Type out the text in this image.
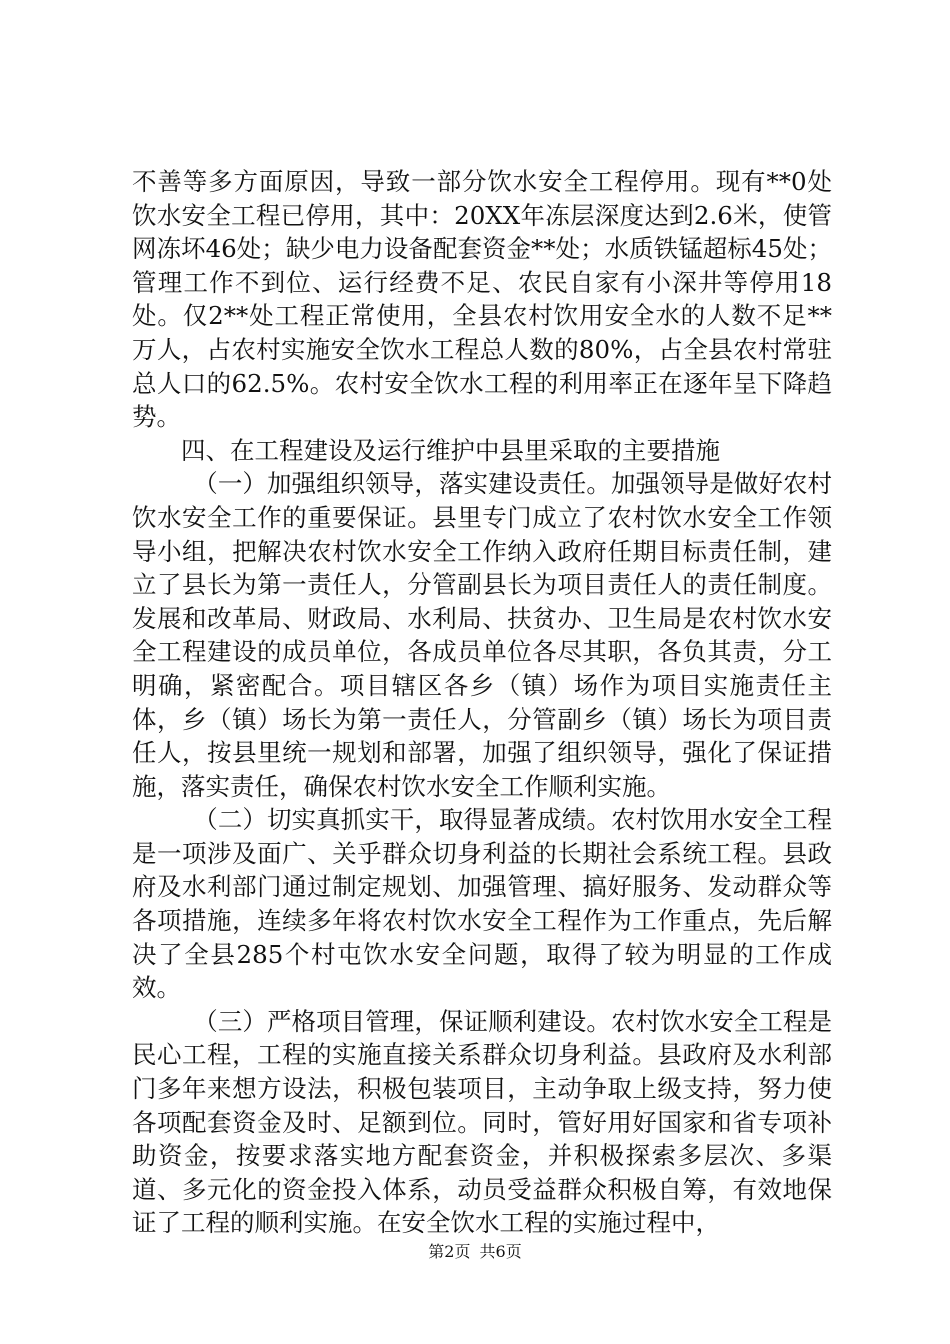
不善等多方面原因，导致一部分饮水安全工程停用。现有**0处饮水安全工程已停用，其中：20XX年冻层深度达到2.6米，使管网冻坏46处；缺少电力设备配套资金**处；水质铁锰超标45处；管理工作不到位、运行经费不足、农民自家有小深井等停用18处。仅2**处工程正常使用，全县农村饮用安全水的人数不足**万人，占农村实施安全饮水工程总人数的80%，占全县农村常驻总人口的62.5%。农村安全饮水工程的利用率正在逐年呈下降趋势。

四、在工程建设及运行维护中县里采取的主要措施

（一）加强组织领导，落实建设责任。加强领导是做好农村饮水安全工作的重要保证。县里专门成立了农村饮水安全工作领导小组，把解决农村饮水安全工作纳入政府任期目标责任制，建立了县长为第一责任人，分管副县长为项目责任人的责任制度。发展和改革局、财政局、水利局、扶贫办、卫生局是农村饮水安全工程建设的成员单位，各成员单位各尽其职，各负其责，分工明确，紧密配合。项目辖区各乡（镇）场作为项目实施责任主体，乡（镇）场长为第一责任人，分管副乡（镇）场长为项目责任人，按县里统一规划和部署，加强了组织领导，强化了保证措施，落实责任，确保农村饮水安全工作顺利实施。

（二）切实真抓实干，取得显著成绩。农村饮用水安全工程是一项涉及面广、关乎群众切身利益的长期社会系统工程。县政府及水利部门通过制定规划、加强管理、搞好服务、发动群众等各项措施，连续多年将农村饮水安全工程作为工作重点，先后解决了全县285个村屯饮水安全问题，取得了较为明显的工作成效。

（三）严格项目管理，保证顺利建设。农村饮水安全工程是民心工程，工程的实施直接关系群众切身利益。县政府及水利部门多年来想方设法，积极包装项目，主动争取上级支持，努力使各项配套资金及时、足额到位。同时，管好用好国家和省专项补助资金，按要求落实地方配套资金，并积极探索多层次、多渠道、多元化的资金投入体系，动员受益群众积极自筹，有效地保证了工程的顺利实施。在安全饮水工程的实施过程中，

第2页 共6页
